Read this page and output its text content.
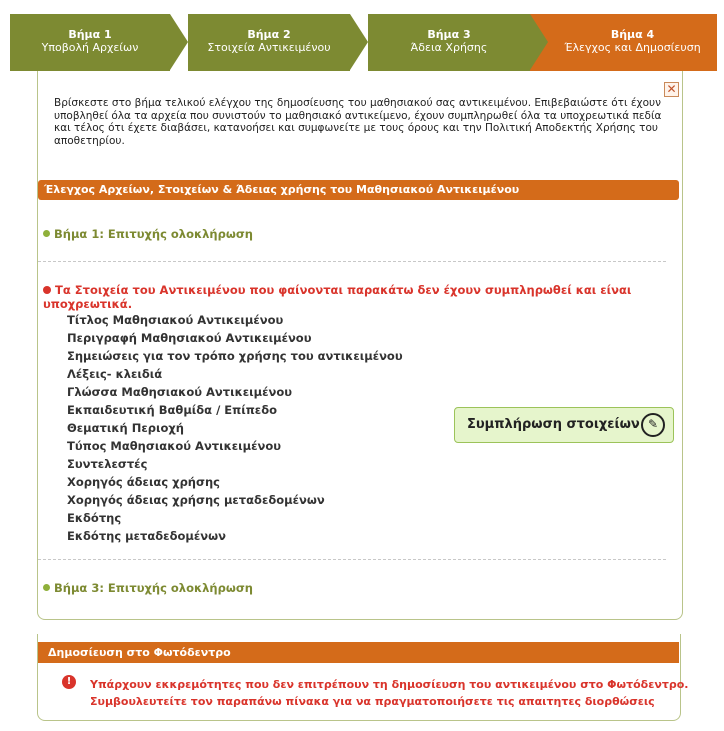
Βήμα 1
Υποβολή Αρχείων
Βήμα 2
Στοιχεία Αντικειμένου
Βήμα 3
Άδεια Χρήσης
Βήμα 4
Έλεγχος και Δημοσίευση
✕
Βρίσκεστε στο βήμα τελικού ελέγχου της δημοσίευσης του μαθησιακού σας αντικειμένου. Επιβεβαιώστε ότι έχουν υποβληθεί όλα τα αρχεία που συνιστούν το μαθησιακό αντικείμενο, έχουν συμπληρωθεί όλα τα υποχρεωτικά πεδία και τέλος ότι έχετε διαβάσει, κατανοήσει και συμφωνείτε με τους όρους και την Πολιτική Αποδεκτής Χρήσης του αποθετηρίου.
Έλεγχος Αρχείων, Στοιχείων & Άδειας χρήσης του Μαθησιακού Αντικειμένου
Βήμα 1: Επιτυχής ολοκλήρωση
Τα Στοιχεία του Αντικειμένου που φαίνονται παρακάτω δεν έχουν συμπληρωθεί και είναι υποχρεωτικά.
Τίτλος Μαθησιακού Αντικειμένου
Περιγραφή Μαθησιακού Αντικειμένου
Σημειώσεις για τον τρόπο χρήσης του αντικειμένου
Λέξεις- κλειδιά
Γλώσσα Μαθησιακού Αντικειμένου
Εκπαιδευτική Βαθμίδα / Επίπεδο
Θεματική Περιοχή
Τύπος Μαθησιακού Αντικειμένου
Συντελεστές
Χορηγός άδειας χρήσης
Χορηγός άδειας χρήσης μεταδεδομένων
Εκδότης
Εκδότης μεταδεδομένων
Συμπλήρωση στοιχείων ✎
Βήμα 3: Επιτυχής ολοκλήρωση
Δημοσίευση στο Φωτόδεντρο
!	Υπάρχουν εκκρεμότητες που δεν επιτρέπουν τη δημοσίευση του αντικειμένου στο Φωτόδεντρο.
Συμβουλευτείτε τον παραπάνω πίνακα για να πραγματοποιήσετε τις απαιτητες διορθώσεις
